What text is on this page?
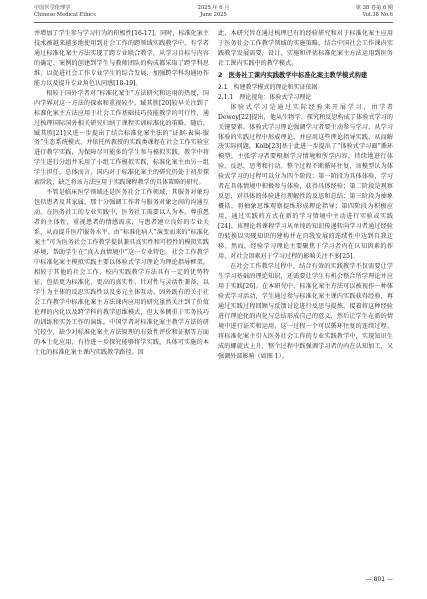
中国医学伦理学
Chinese Medical Ethics
2025 年 6 月
June 2025
第 38 卷第 6 期
Vol.38 No.6

并增加了学生参与学习行为的积极性[16-17]。同时，标准化案主技术被越来越多地使用到社会工作的跨领域实践教学中，有学者通过标准化案主方法实现了跨专业联合教学，从学习目标与内容的确定、案例的创建到学生与教师团队的构成都采取了跨学科思维，以促进社会工作专业学生的综合发展，加强跨学科沟通协作能力以及提升专业角色认同感[18-19]。

相较于国外学者对“标准化案主”方法研究和运用的热度，国内学界对这一方法的探索和重视较少。臧其胜[20]较早关注到了标准化案主方法应用于社会工作基础技巧技能教学的可行性，通过梳理国际国外相关研究归纳了课程实训标准化的策略。随后，臧其胜[21]又进一步提出了结合标准化案主法的“证据-表演-服务”生态系统模式，并依托所教授的实践类课程在社会工作实验室进行教学实践，为保障尽可能多的学生参与模拟实践，教学中将学生进行分组并采用了小组工作模拟实践，标准化案主由另一组学生担任。总体而言，国内对于标准化案主的研究仍处于初步探索阶段，缺乏将该方法应用于实践课程教学的具体策略的研究。

不管是临床医学领域还是医务社会工作领域，其服务对象均包括患者及其家属，那十分强调工作者与服务对象之间的沟通互动。在医务社工的专业实践中，医务社工需要以人为本，尊重患者的主体性，重视患者的情感需求，与患者建立良好的专业关系，从而提升医疗服务水平。由“标准化病人”演变而来的“标准化案主”可为医务社会工作教学提供兼具真实性和可控性的模拟实践环境，帮助学生在“真人真情境中”这一专业特色。社会工作教学中标准化案主模拟实践主要以体验式学习理论为理论指导框架，相较于其他的社会工作、校内实践教学方法具有一定的优势特征，包括更为标准化、更高的真实性、针对性与灵活性兼备，以学生为主体的反思实践性以及多元主体互动。因外既有的关于社会工作教学中标准化案主方法课内应用的研究虽然关注到了价值伦理的内化以及跨学科的教学思维模式，但大多侧重于实务技巧的训练和实务工作的演练。中国学者对标准化案主教学方法的研究较少，缺少对标准化案主方法原理的有效性评价和证据等方面的本土化应用，有待进一步探究能够将学实践，具体可实施的本土化的标准化案主课内实践教学路径。因

此，本研究旨在通过梳理已有的经验研究和对于标准化案主应用于医务社会工作教学领域的实施策略，结合中国社会工作课内实践教学发展需要，设计、实施和评估标准化案主方法运用到医务社工课内实践中的教学模式。

2　医务社工课内实践教学中标准化案主教学模式构建

2.1　构建教学模式的理论和实证依据

2.1.1　理论视角：体验式学习理论

体验式学习是通过实际经验来开展学习，由学者 Dewey[22]提出，他从生物学、探究和反思构成了体验式学习的关键要素。体验式学习理论强调学习者要主动参与学习，从学习体验的实践过程中形成理论，并应用这些理论指导实践，从而解决实际问题。Kolb[23]基于此进一步提出了“体验式学习圈”循环模型，主张学习者要根据学习情境和所学内容，持续地进行体验、反思、思考和行动。整个过程不断循环往复，该模型认为体验式学习的过程可以分为四个阶段：第一阶段为具体体验，学习者在具体情境中积极参与体验，获得具体经验；第二阶段是观察反思，对具体的体验进行理解性的反思和总结；第三阶段为抽象概括，将抽象思维观察提炼形成理论指导；第四阶段为积极应用，通过实践的方式在新的学习情境中主动进行实验或实践[24]。该理论将课程学习从单纯的知识传递转向学习者通过经验的转换以实现知识的建构并在自我发展的连续性中达到自我迁移。然而，经验学习理论主要聚焦于学习者内在认知因素的作用，对社会因素对于学习过程的影响关注不多[25]。

在社会工作教学过程中，结合有效的实践教学不仅需要让学生学习基础的理论知识，还需要让学生有机会整合所学理论并应用于实践[26]。在本研究中，标准化案主方法可以被视作一种体验式学习活动，学生通过参与标准化案主课内实践获得经验，再通过实践过程回顾与反馈讨论进行反思与提炼，接着将这种经验进行理论化的内化与总结形成自己的意义，然后让学生在新的情境中进行证实和运用，这一过程一个可以循环往复的连续过程。将标准化案主引入医务社会工作的专业实践教学中，实现知识生成的螺旋式上升，整个过程中践强调学习者的内在认知加工，又强调外部影响（如图 1）。

— 801 —
